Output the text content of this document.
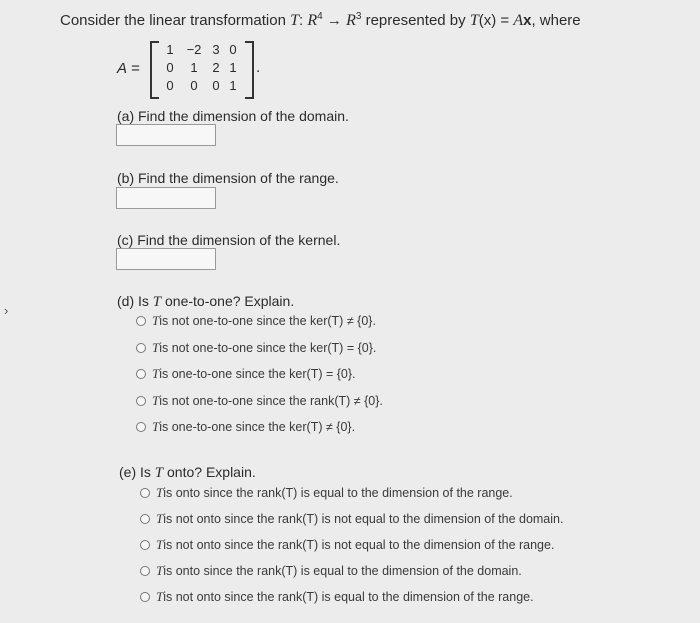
Consider the linear transformation T: $R^4 \to R^3$ represented by T(x) = Ax, where
A =
1 −2 3 0
0	1	2 1
0	0	0 1
.
›
(a) Find the dimension of the domain.
(b) Find the dimension of the range.
(c) Find the dimension of the kernel.
(d) Is T one-to-one? Explain.
T is not one-to-one since the ker(T) ≠ {0}.
T is not one-to-one since the ker(T) = {0}.
T is one-to-one since the ker(T) = {0}.
T is not one-to-one since the rank(T) ≠ {0}.
T is one-to-one since the ker(T) ≠ {0}.
(e) Is T onto? Explain.
T is onto since the rank(T) is equal to the dimension of the range.
T is not onto since the rank(T) is not equal to the dimension of the domain.
T is not onto since the rank(T) is not equal to the dimension of the range.
T is onto since the rank(T) is equal to the dimension of the domain.
T is not onto since the rank(T) is equal to the dimension of the range.
